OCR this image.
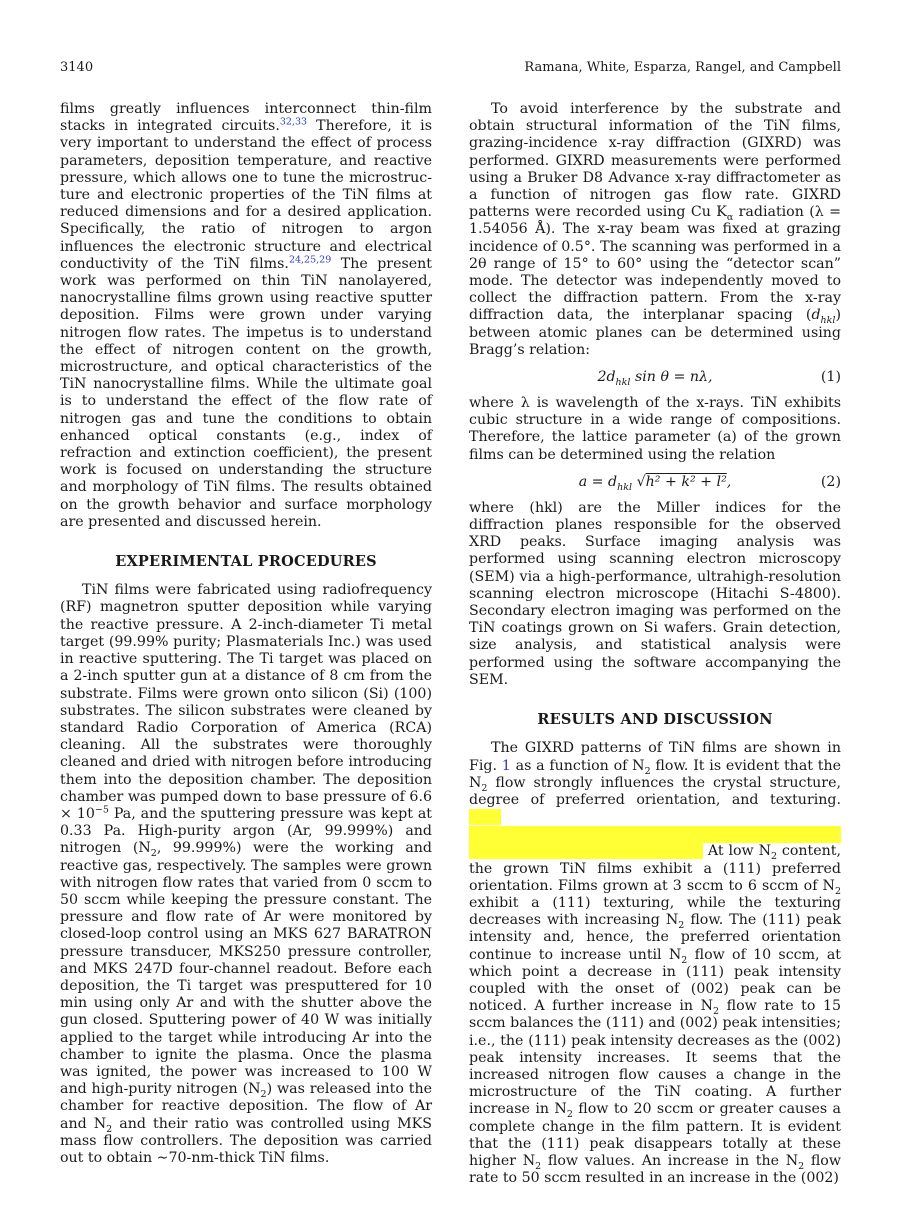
3140	Ramana, White, Esparza, Rangel, and Campbell

films greatly influences interconnect thin-film stacks in integrated circuits.$^{32,33}$ Therefore, it is very important to understand the effect of process parameters, deposition temperature, and reactive pressure, which allows one to tune the microstructure and electronic properties of the TiN films at reduced dimensions and for a desired application. Specifically, the ratio of nitrogen to argon influences the electronic structure and electrical conductivity of the TiN films.$^{24,25,29}$ The present work was performed on thin TiN nanolayered, nanocrystalline films grown using reactive sputter deposition. Films were grown under varying nitrogen flow rates. The impetus is to understand the effect of nitrogen content on the growth, microstructure, and optical characteristics of the TiN nanocrystalline films. While the ultimate goal is to understand the effect of the flow rate of nitrogen gas and tune the conditions to obtain enhanced optical constants (e.g., index of refraction and extinction coefficient), the present work is focused on understanding the structure and morphology of TiN films. The results obtained on the growth behavior and surface morphology are presented and discussed herein.

EXPERIMENTAL PROCEDURES

TiN films were fabricated using radiofrequency (RF) magnetron sputter deposition while varying the reactive pressure. A 2-inch-diameter Ti metal target (99.99% purity; Plasmaterials Inc.) was used in reactive sputtering. The Ti target was placed on a 2-inch sputter gun at a distance of 8 cm from the substrate. Films were grown onto silicon (Si) (100) substrates. The silicon substrates were cleaned by standard Radio Corporation of America (RCA) cleaning. All the substrates were thoroughly cleaned and dried with nitrogen before introducing them into the deposition chamber. The deposition chamber was pumped down to base pressure of $6.6 \times 10^{-5}$ Pa, and the sputtering pressure was kept at 0.33 Pa. High-purity argon (Ar, 99.999%) and nitrogen ($N_2$, 99.999%) were the working and reactive gas, respectively. The samples were grown with nitrogen flow rates that varied from 0 sccm to 50 sccm while keeping the pressure constant. The pressure and flow rate of Ar were monitored by closed-loop control using an MKS 627 BARATRON pressure transducer, MKS250 pressure controller, and MKS 247D four-channel readout. Before each deposition, the Ti target was presputtered for 10 min using only Ar and with the shutter above the gun closed. Sputtering power of 40 W was initially applied to the target while introducing Ar into the chamber to ignite the plasma. Once the plasma was ignited, the power was increased to 100 W and high-purity nitrogen $(N_2)$ was released into the chamber for reactive deposition. The flow of Ar and $N_2$ and their ratio was controlled using MKS mass flow controllers. The deposition was carried out to obtain ∼70-nm-thick TiN films.

To avoid interference by the substrate and obtain structural information of the TiN films, grazing-incidence x-ray diffraction (GIXRD) was performed. GIXRD measurements were performed using a Bruker D8 Advance x-ray diffractometer as a function of nitrogen gas flow rate. GIXRD patterns were recorded using Cu $K_\alpha$ radiation (λ = 1.54056 Å). The x-ray beam was fixed at grazing incidence of 0.5°. The scanning was performed in a 2θ range of 15° to 60° using the “detector scan” mode. The detector was independently moved to collect the diffraction pattern. From the x-ray diffraction data, the interplanar spacing $(d_{hkl})$ between atomic planes can be determined using Bragg’s relation:

$2d_{hkl}$ sin θ = nλ,	(1)

where λ is wavelength of the x-rays. TiN exhibits cubic structure in a wide range of compositions. Therefore, the lattice parameter (a) of the grown films can be determined using the relation

$a = d_{hkl}$ √h² + k² + l²,	(2)

where (hkl) are the Miller indices for the diffraction planes responsible for the observed XRD peaks. Surface imaging analysis was performed using scanning electron microscopy (SEM) via a high-performance, ultrahigh-resolution scanning electron microscope (Hitachi S-4800). Secondary electron imaging was performed on the TiN coatings grown on Si wafers. Grain detection, size analysis, and statistical analysis were performed using the software accompanying the SEM.

RESULTS AND DISCUSSION

The GIXRD patterns of TiN films are shown in Fig. 1 as a function of $N_2$ flow. It is evident that the $N_2$ flow strongly influences the crystal structure, degree of preferred orientation, and texturing.
At low $N_2$ content, the grown TiN films exhibit a (111) preferred orientation. Films grown at 3 sccm to 6 sccm of $N_2$ exhibit a (111) texturing, while the texturing decreases with increasing $N_2$ flow. The (111) peak intensity and, hence, the preferred orientation continue to increase until $N_2$ flow of 10 sccm, at which point a decrease in (111) peak intensity coupled with the onset of (002) peak can be noticed. A further increase in $N_2$ flow rate to 15 sccm balances the (111) and (002) peak intensities; i.e., the (111) peak intensity decreases as the (002) peak intensity increases. It seems that the increased nitrogen flow causes a change in the microstructure of the TiN coating. A further increase in $N_2$ flow to 20 sccm or greater causes a complete change in the film pattern. It is evident that the (111) peak disappears totally at these higher $N_2$ flow values. An increase in the $N_2$ flow rate to 50 sccm resulted in an increase in the (002)
